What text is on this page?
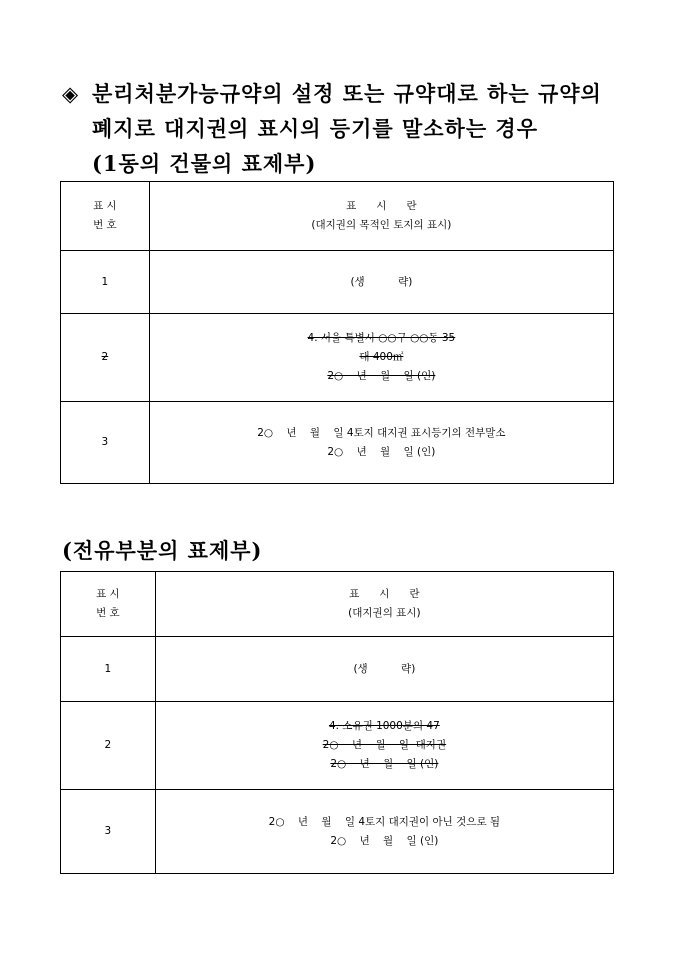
◈ 분리처분가능규약의 설정 또는 규약대로 하는 규약의
폐지로 대지권의 표시의 등기를 말소하는 경우
(1동의 건물의 표제부)
표 시
번 호	표      시      란
(대지권의 목적인 토지의 표시)

1	(생          략)

2	4. 서울 특별시 ○○구 ○○동 35
대 400㎡
2○    년    월    일 (인)

3	2○    년    월    일 4토지 대지권 표시등기의 전부말소
2○    년    월    일 (인)
(전유부분의 표제부)
표 시
번 호	표      시      란
(대지권의 표시)

1	(생          략)

2	4. 소유권 1000분의 47
2○    년    월    일  대지권
2○    년    월    일 (인)

3	2○    년    월    일 4토지 대지권이 아닌 것으로 됨
2○    년    월    일 (인)
